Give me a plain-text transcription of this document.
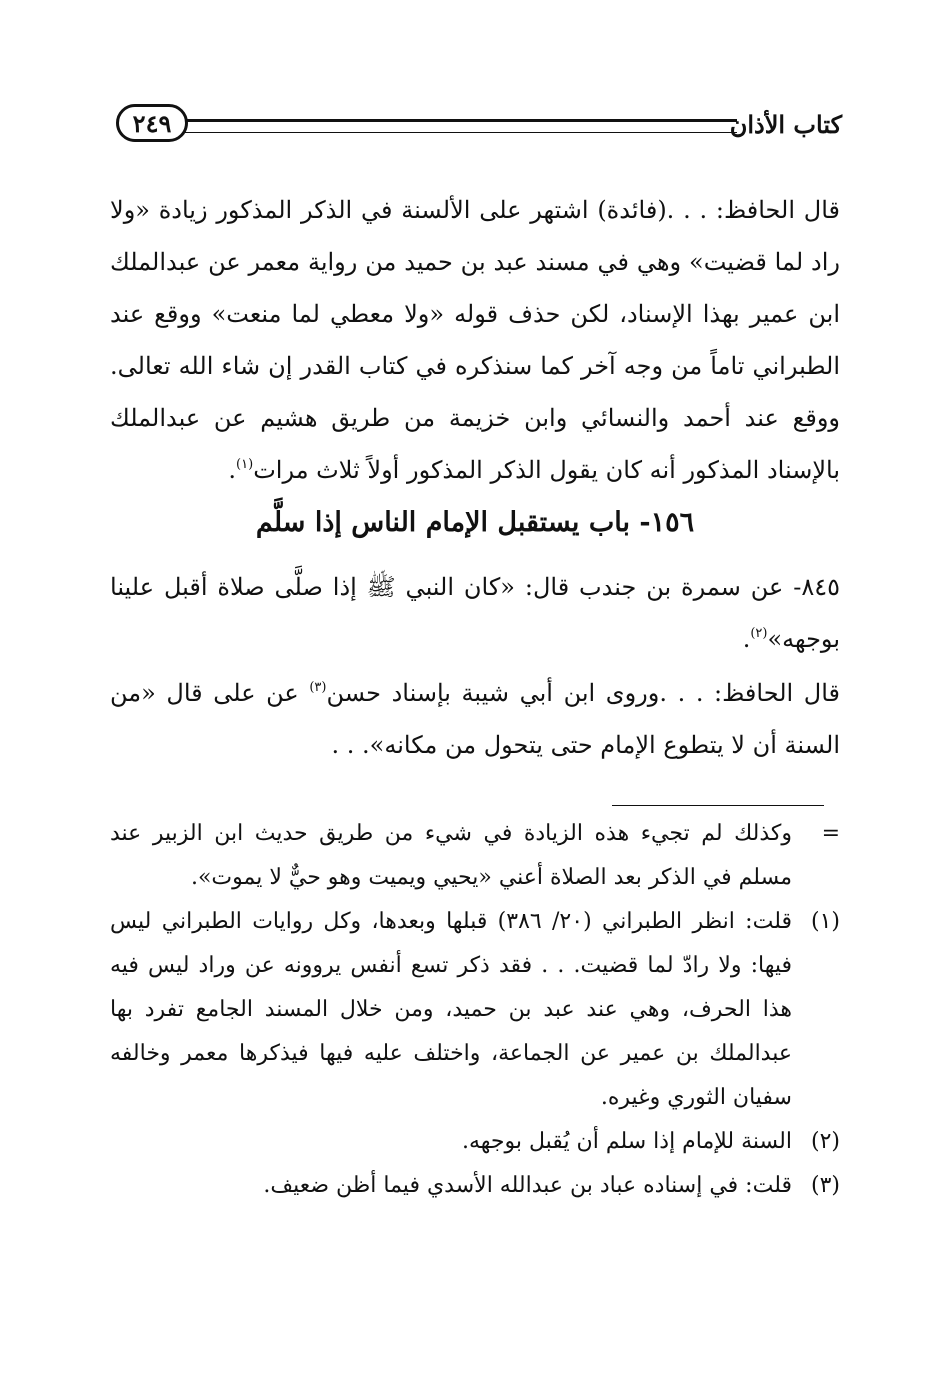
كتاب الأذان
٢٤٩

قال الحافظ: . . .(فائدة) اشتهر على الألسنة في الذكر المذكور زيادة «ولا راد لما قضيت» وهي في مسند عبد بن حميد من رواية معمر عن عبدالملك ابن عمير بهذا الإسناد، لكن حذف قوله «ولا معطي لما منعت» ووقع عند الطبراني تاماً من وجه آخر كما سنذكره في كتاب القدر إن شاء الله تعالى. ووقع عند أحمد والنسائي وابن خزيمة من طريق هشيم عن عبدالملك بالإسناد المذكور أنه كان يقول الذكر المذكور أولاً ثلاث مرات$^{(١)}$.

١٥٦- باب يستقبل الإمام الناس إذا سلَّم

٨٤٥- عن سمرة بن جندب قال: «كان النبي ﷺ إذا صلَّى صلاة أقبل علينا بوجهه»$^{(٢)}$.

قال الحافظ: . . .وروى ابن أبي شيبة بإسناد حسن$^{(٣)}$ عن على قال «من السنة أن لا يتطوع الإمام حتى يتحول من مكانه». . .

=
وكذلك لم تجيء هذه الزيادة في شيء من طريق حديث ابن الزبير عند مسلم في الذكر بعد الصلاة أعني «يحيي ويميت وهو حيٌّ لا يموت».

(١)
قلت: انظر الطبراني (٢٠/ ٣٨٦) قبلها وبعدها، وكل روايات الطبراني ليس فيها: ولا رادّ لما قضيت. . . فقد ذكر تسع أنفس يروونه عن وراد ليس فيه هذا الحرف، وهي عند عبد بن حميد، ومن خلال المسند الجامع تفرد بها عبدالملك بن عمير عن الجماعة، واختلف عليه فيها فيذكرها معمر وخالفه سفيان الثوري وغيره.

(٢)
السنة للإمام إذا سلم أن يُقبل بوجهه.

(٣)
قلت: في إسناده عباد بن عبدالله الأسدي فيما أظن ضعيف.
